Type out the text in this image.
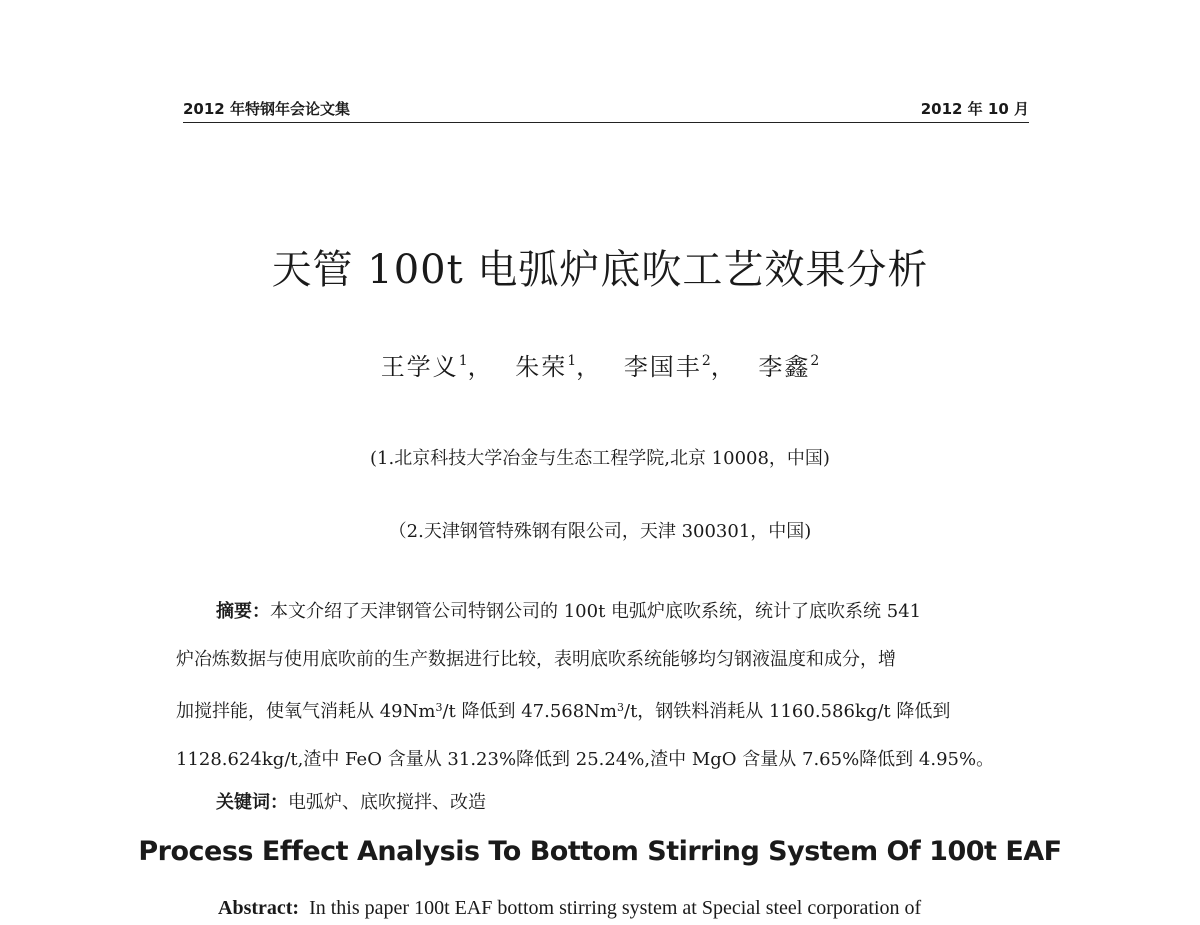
2012 年特钢年会论文集	2012 年 10 月
天管 100t 电弧炉底吹工艺效果分析
王学义$^1$， 朱荣$^1$， 李国丰$^2$， 李鑫$^2$
(1.北京科技大学冶金与生态工程学院,北京 10008，中国)
（2.天津钢管特殊钢有限公司，天津 300301，中国)
摘要：本文介绍了天津钢管公司特钢公司的 100t 电弧炉底吹系统，统计了底吹系统 541
炉冶炼数据与使用底吹前的生产数据进行比较，表明底吹系统能够均匀钢液温度和成分，增
加搅拌能，使氧气消耗从 49Nm$^3$/t 降低到 47.568Nm$^3$/t，钢铁料消耗从 1160.586kg/t 降低到
1128.624kg/t,渣中 FeO 含量从 31.23%降低到 25.24%,渣中 MgO 含量从 7.65%降低到 4.95%。
关键词：电弧炉、底吹搅拌、改造
Process Effect Analysis To Bottom Stirring System Of 100t EAF
Abstract: In this paper 100t EAF bottom stirring system at Special steel corporation of
